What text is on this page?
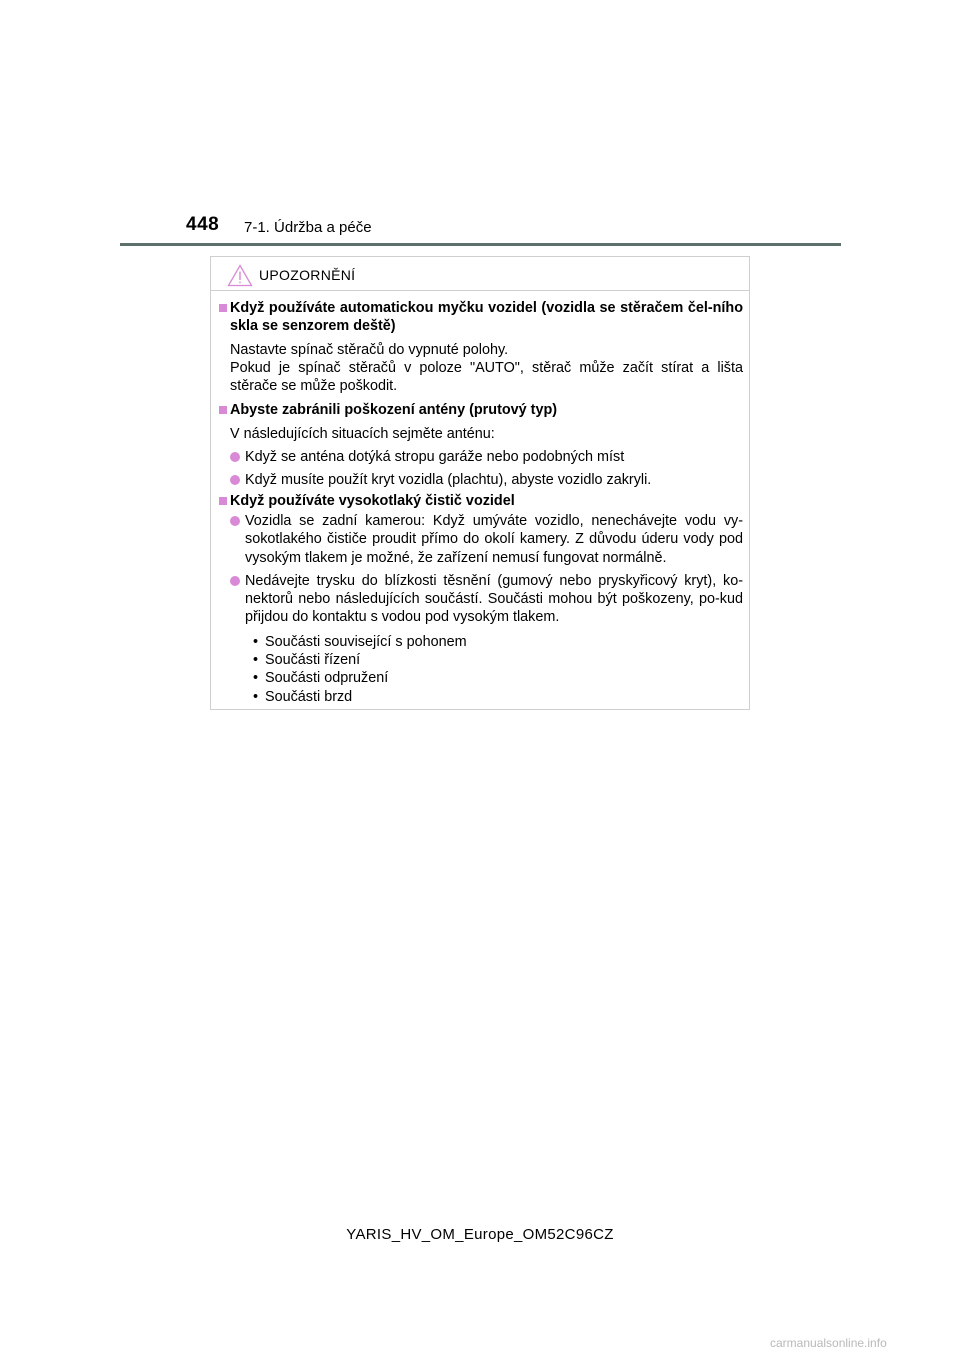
448 7-1. Údržba a péče
UPOZORNĚNÍ
Když používáte automatickou myčku vozidel (vozidla se stěračem čel-ního skla se senzorem deště)
Nastavte spínač stěračů do vypnuté polohy.
Pokud je spínač stěračů v poloze "AUTO", stěrač může začít stírat a lišta stěrače se může poškodit.
Abyste zabránili poškození antény (prutový typ)
V následujících situacích sejměte anténu:
Když se anténa dotýká stropu garáže nebo podobných míst
Když musíte použít kryt vozidla (plachtu), abyste vozidlo zakryli.
Když používáte vysokotlaký čistič vozidel
Vozidla se zadní kamerou: Když umýváte vozidlo, nenechávejte vodu vy-sokotlakého čističe proudit přímo do okolí kamery. Z důvodu úderu vody pod vysokým tlakem je možné, že zařízení nemusí fungovat normálně.
Nedávejte trysku do blízkosti těsnění (gumový nebo pryskyřicový kryt), ko-nektorů nebo následujících součástí. Součásti mohou být poškozeny, po-kud přijdou do kontaktu s vodou pod vysokým tlakem.
• Součásti související s pohonem
• Součásti řízení
• Součásti odpružení
• Součásti brzd
YARIS_HV_OM_Europe_OM52C96CZ
carmanualsonline.info
